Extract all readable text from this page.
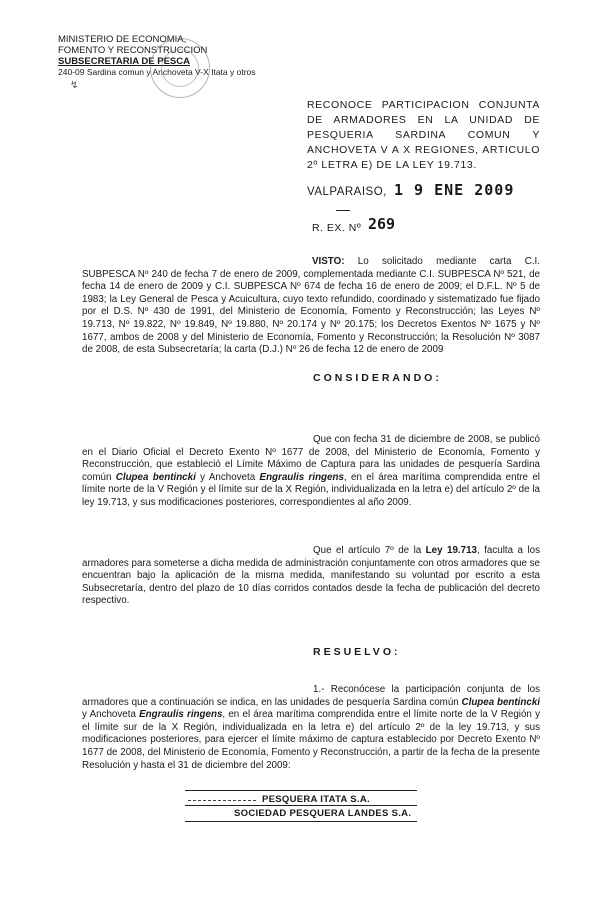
MINISTERIO DE ECONOMIA,
FOMENTO Y RECONSTRUCCION
SUBSECRETARIA DE PESCA
240-09 Sardina comun y Anchoveta V-X Itata y otros
↯
RECONOCE PARTICIPACION CONJUNTA DE ARMADORES EN LA UNIDAD DE PESQUERIA SARDINA COMUN Y ANCHOVETA V A X REGIONES, ARTICULO 2º LETRA E) DE LA LEY 19.713.
VALPARAISO, 1 9 ENE 2009
R. EX. Nº 269
VISTO: Lo solicitado mediante carta C.I. SUBPESCA Nº 240 de fecha 7 de enero de 2009, complementada mediante C.I. SUBPESCA Nº 521, de fecha 14 de enero de 2009 y C.I. SUBPESCA Nº 674 de fecha 16 de enero de 2009; el D.F.L. Nº 5 de 1983; la Ley General de Pesca y Acuicultura, cuyo texto refundido, coordinado y sistematizado fue fijado por el D.S. Nº 430 de 1991, del Ministerio de Economía, Fomento y Reconstrucción; las Leyes Nº 19.713, Nº 19.822, Nº 19.849, Nº 19.880, Nº 20.174 y Nº 20.175; los Decretos Exentos Nº 1675 y Nº 1677, ambos de 2008 y del Ministerio de Economía, Fomento y Reconstrucción; la Resolución Nº 3087 de 2008, de esta Subsecretaría; la carta (D.J.) Nº 26 de fecha 12 de enero de 2009
CONSIDERANDO:
Que con fecha 31 de diciembre de 2008, se publicó en el Diario Oficial el Decreto Exento Nº 1677 de 2008, del Ministerio de Economía, Fomento y Reconstrucción, que estableció el Límite Máximo de Captura para las unidades de pesquería Sardina común Clupea bentincki y Anchoveta Engraulis ringens, en el área marítima comprendida entre el límite norte de la V Región y el límite sur de la X Región, individualizada en la letra e) del artículo 2º de la ley 19.713, y sus modificaciones posteriores, correspondientes al año 2009.
Que el artículo 7º de la Ley 19.713, faculta a los armadores para someterse a dicha medida de administración conjuntamente con otros armadores que se encuentran bajo la aplicación de la misma medida, manifestando su voluntad por escrito a esta Subsecretaría, dentro del plazo de 10 días corridos contados desde la fecha de publicación del decreto respectivo.
RESUELVO:
1.- Reconócese la participación conjunta de los armadores que a continuación se indica, en las unidades de pesquería Sardina común Clupea bentincki y Anchoveta Engraulis ringens, en el área marítima comprendida entre el límite norte de la V Región y el límite sur de la X Región, individualizada en la letra e) del artículo 2º de la ley 19.713, y sus modificaciones posteriores, para ejercer el límite máximo de captura establecido por Decreto Exento Nº 1677 de 2008, del Ministerio de Economía, Fomento y Reconstrucción, a partir de la fecha de la presente Resolución y hasta el 31 de diciembre del 2009:
PESQUERA ITATA S.A.
SOCIEDAD PESQUERA LANDES S.A.
